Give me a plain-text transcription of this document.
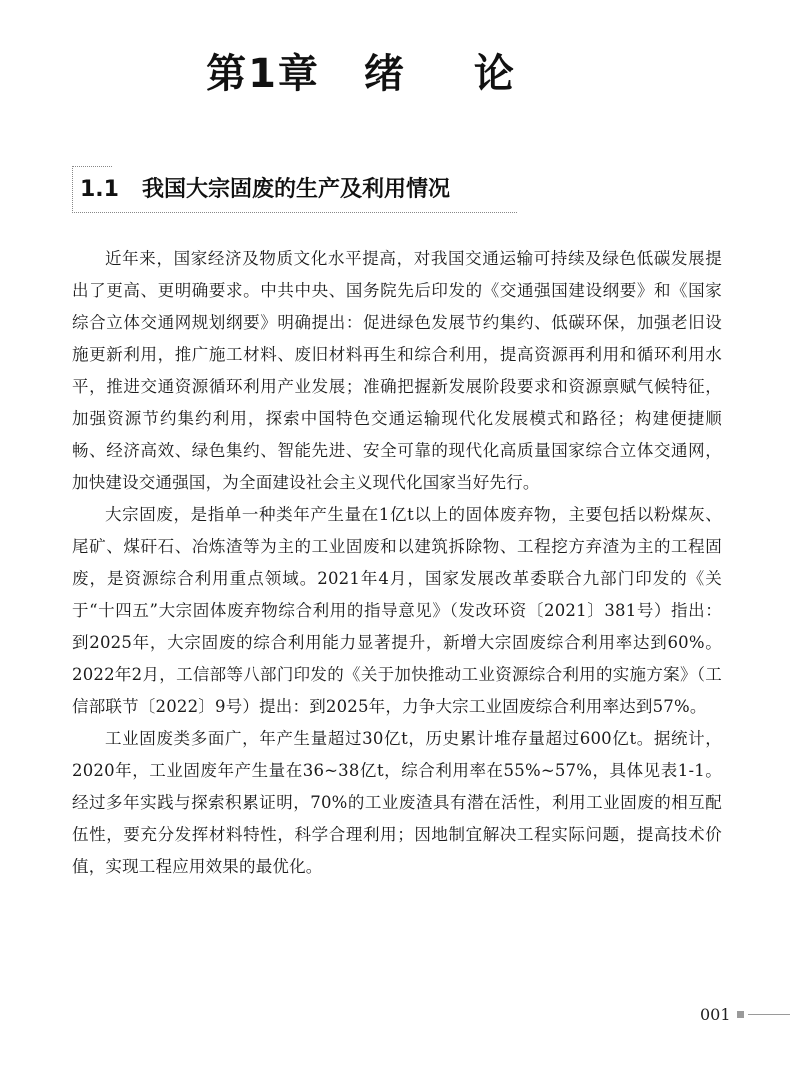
第1章 绪论
1.1 我国大宗固废的生产及利用情况

近年来，国家经济及物质文化水平提高，对我国交通运输可持续及绿色低碳发展提出了更高、更明确要求。中共中央、国务院先后印发的《交通强国建设纲要》和《国家综合立体交通网规划纲要》明确提出：促进绿色发展节约集约、低碳环保，加强老旧设施更新利用，推广施工材料、废旧材料再生和综合利用，提高资源再利用和循环利用水平，推进交通资源循环利用产业发展；准确把握新发展阶段要求和资源禀赋气候特征，加强资源节约集约利用，探索中国特色交通运输现代化发展模式和路径；构建便捷顺畅、经济高效、绿色集约、智能先进、安全可靠的现代化高质量国家综合立体交通网，加快建设交通强国，为全面建设社会主义现代化国家当好先行。

大宗固废，是指单一种类年产生量在1亿t以上的固体废弃物，主要包括以粉煤灰、尾矿、煤矸石、冶炼渣等为主的工业固废和以建筑拆除物、工程挖方弃渣为主的工程固废，是资源综合利用重点领域。2021年4月，国家发展改革委联合九部门印发的《关于“十四五”大宗固体废弃物综合利用的指导意见》（发改环资〔2021〕381号）指出：到2025年，大宗固废的综合利用能力显著提升，新增大宗固废综合利用率达到60%。2022年2月，工信部等八部门印发的《关于加快推动工业资源综合利用的实施方案》（工信部联节〔2022〕9号）提出：到2025年，力争大宗工业固废综合利用率达到57%。

工业固废类多面广，年产生量超过30亿t，历史累计堆存量超过600亿t。据统计，2020年，工业固废年产生量在36~38亿t，综合利用率在55%~57%，具体见表1-1。经过多年实践与探索积累证明，70%的工业废渣具有潜在活性，利用工业固废的相互配伍性，要充分发挥材料特性，科学合理利用；因地制宜解决工程实际问题，提高技术价值，实现工程应用效果的最优化。

001
